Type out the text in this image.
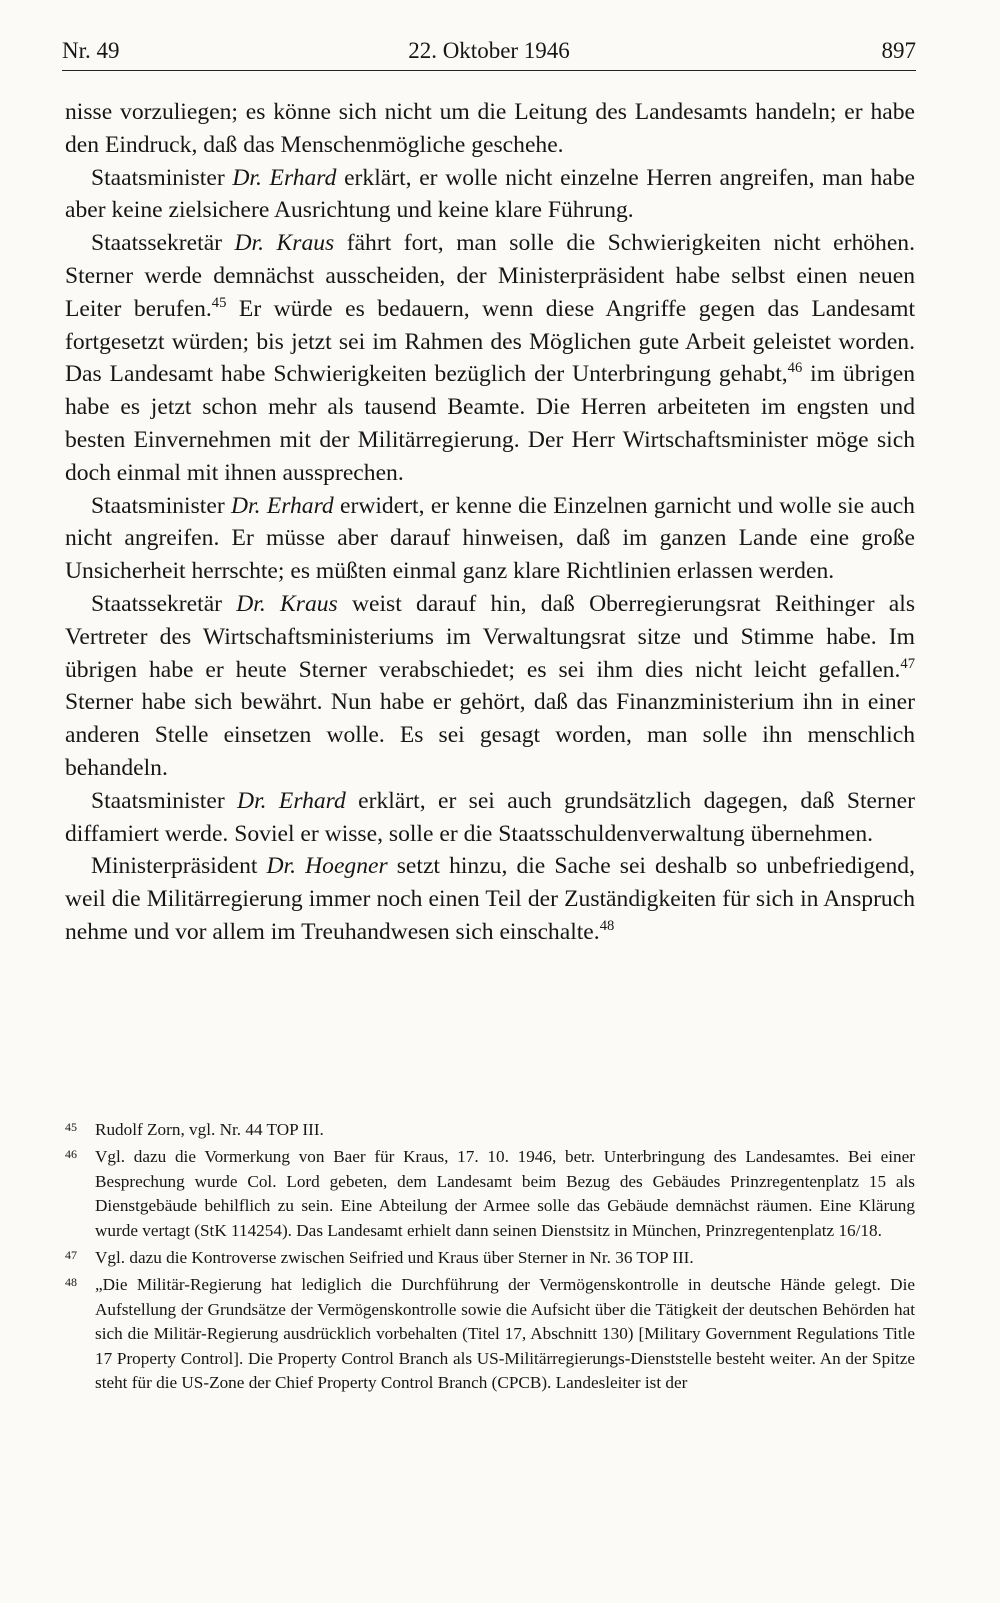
Nr. 49	22. Oktober 1946	897

nisse vorzuliegen; es könne sich nicht um die Leitung des Landesamts handeln; er habe den Eindruck, daß das Menschenmögliche geschehe.

Staatsminister Dr. Erhard erklärt, er wolle nicht einzelne Herren angreifen, man habe aber keine zielsichere Ausrichtung und keine klare Führung.

Staatssekretär Dr. Kraus fährt fort, man solle die Schwierigkeiten nicht erhöhen. Sterner werde demnächst ausscheiden, der Ministerpräsident habe selbst einen neuen Leiter berufen.$^{45}$ Er würde es bedauern, wenn diese Angriffe gegen das Landesamt fortgesetzt würden; bis jetzt sei im Rahmen des Möglichen gute Arbeit geleistet worden. Das Landesamt habe Schwierigkeiten bezüglich der Unterbringung gehabt,$^{46}$ im übrigen habe es jetzt schon mehr als tausend Beamte. Die Herren arbeiteten im engsten und besten Einvernehmen mit der Militärregierung. Der Herr Wirtschaftsminister möge sich doch einmal mit ihnen aussprechen.

Staatsminister Dr. Erhard erwidert, er kenne die Einzelnen garnicht und wolle sie auch nicht angreifen. Er müsse aber darauf hinweisen, daß im ganzen Lande eine große Unsicherheit herrschte; es müßten einmal ganz klare Richtlinien erlassen werden.

Staatssekretär Dr. Kraus weist darauf hin, daß Oberregierungsrat Reithinger als Vertreter des Wirtschaftsministeriums im Verwaltungsrat sitze und Stimme habe. Im übrigen habe er heute Sterner verabschiedet; es sei ihm dies nicht leicht gefallen.$^{47}$ Sterner habe sich bewährt. Nun habe er gehört, daß das Finanzministerium ihn in einer anderen Stelle einsetzen wolle. Es sei gesagt worden, man solle ihn menschlich behandeln.

Staatsminister Dr. Erhard erklärt, er sei auch grundsätzlich dagegen, daß Sterner diffamiert werde. Soviel er wisse, solle er die Staatsschuldenverwaltung übernehmen.

Ministerpräsident Dr. Hoegner setzt hinzu, die Sache sei deshalb so unbefriedigend, weil die Militärregierung immer noch einen Teil der Zuständigkeiten für sich in Anspruch nehme und vor allem im Treuhandwesen sich einschalte.$^{48}$

45 Rudolf Zorn, vgl. Nr. 44 TOP III.
46 Vgl. dazu die Vormerkung von Baer für Kraus, 17. 10. 1946, betr. Unterbringung des Landesamtes. Bei einer Besprechung wurde Col. Lord gebeten, dem Landesamt beim Bezug des Gebäudes Prinzregentenplatz 15 als Dienstgebäude behilflich zu sein. Eine Abteilung der Armee solle das Gebäude demnächst räumen. Eine Klärung wurde vertagt (StK 114254). Das Landesamt erhielt dann seinen Dienstsitz in München, Prinzregentenplatz 16/18.
47 Vgl. dazu die Kontroverse zwischen Seifried und Kraus über Sterner in Nr. 36 TOP III.
48 „Die Militär-Regierung hat lediglich die Durchführung der Vermögenskontrolle in deutsche Hände gelegt. Die Aufstellung der Grundsätze der Vermögenskontrolle sowie die Aufsicht über die Tätigkeit der deutschen Behörden hat sich die Militär-Regierung ausdrücklich vorbehalten (Titel 17, Abschnitt 130) [Military Government Regulations Title 17 Property Control]. Die Property Control Branch als US-Militärregierungs-Dienststelle besteht weiter. An der Spitze steht für die US-Zone der Chief Property Control Branch (CPCB). Landesleiter ist der
